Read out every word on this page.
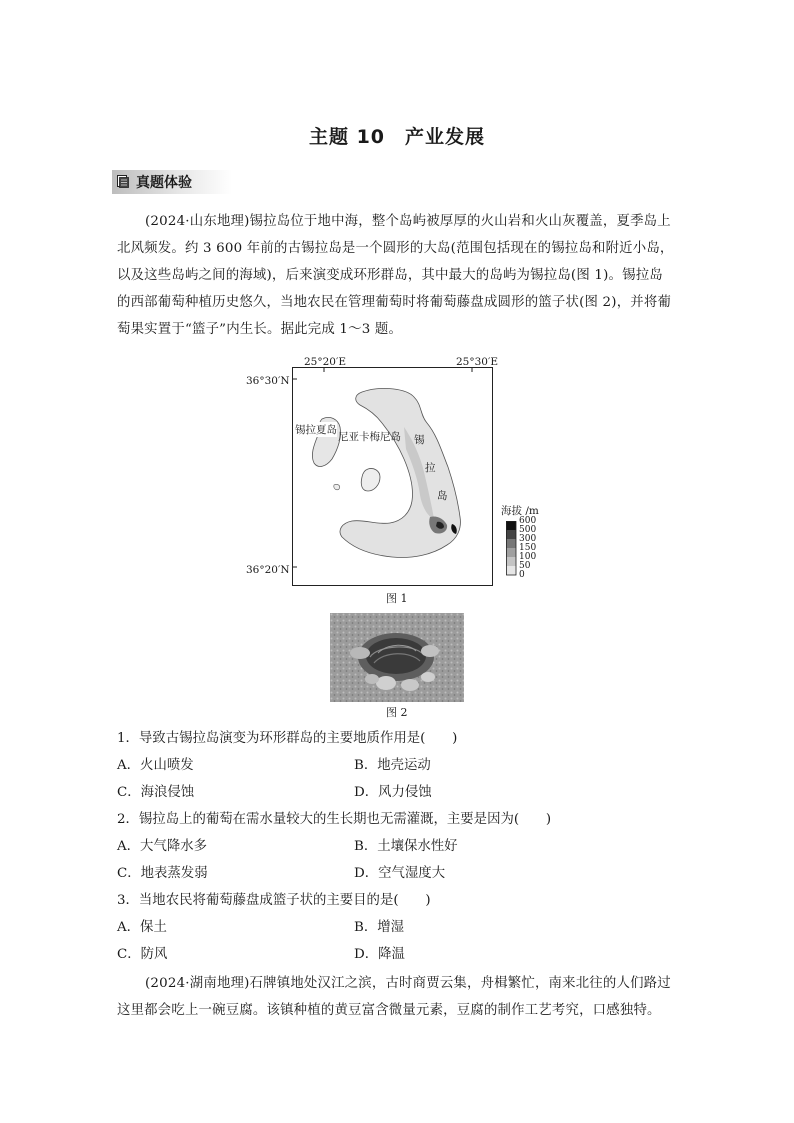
主题 10　产业发展
真题体验
(2024·山东地理)锡拉岛位于地中海，整个岛屿被厚厚的火山岩和火山灰覆盖，夏季岛上
北风频发。约 3 600 年前的古锡拉岛是一个圆形的大岛(范围包括现在的锡拉岛和附近小岛，
以及这些岛屿之间的海域)，后来演变成环形群岛，其中最大的岛屿为锡拉岛(图 1)。锡拉岛
的西部葡萄种植历史悠久，当地农民在管理葡萄时将葡萄藤盘成圆形的篮子状(图 2)，并将葡
萄果实置于“篮子”内生长。据此完成 1～3 题。
25°20′E	25°30′E
36°30′N
36°20′N
锡拉夏岛
尼亚卡梅尼岛 锡
拉
岛
海拔 /m
600
500
300
150
100
50
0
图 1
图 2
1．导致古锡拉岛演变为环形群岛的主要地质作用是(　　)
A．火山喷发	B．地壳运动
C．海浪侵蚀	D．风力侵蚀
2．锡拉岛上的葡萄在需水量较大的生长期也无需灌溉，主要是因为(　　)
A．大气降水多	B．土壤保水性好
C．地表蒸发弱	D．空气湿度大
3．当地农民将葡萄藤盘成篮子状的主要目的是(　　)
A．保土	B．增湿
C．防风	D．降温
(2024·湖南地理)石牌镇地处汉江之滨，古时商贾云集，舟楫繁忙，南来北往的人们路过
这里都会吃上一碗豆腐。该镇种植的黄豆富含微量元素，豆腐的制作工艺考究，口感独特。
